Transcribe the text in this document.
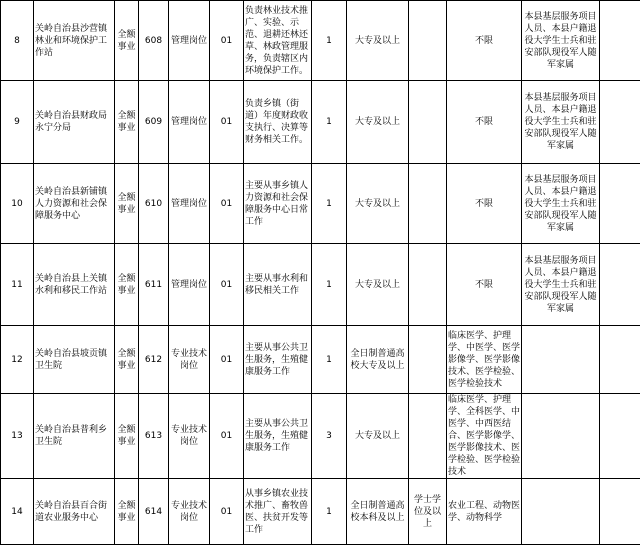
8	关岭自治县沙营镇林业和环境保护工作站	全额事业	608	管理岗位	01	负责林业技术推广、实验、示范、退耕还林还草、林政管理服务，负责辖区内环境保护工作。	1	大专及以上		不限	本县基层服务项目人员、本县户籍退役大学生士兵和驻安部队现役军人随军家属	
9	关岭自治县财政局永宁分局	全额事业	609	管理岗位	01	负责乡镇（街道）年度财政收支执行、决算等财务相关工作。	1	大专及以上		不限	本县基层服务项目人员、本县户籍退役大学生士兵和驻安部队现役军人随军家属	
10	关岭自治县新铺镇人力资源和社会保障服务中心	全额事业	610	管理岗位	01	主要从事乡镇人力资源和社会保障服务中心日常工作	1	大专及以上		不限	本县基层服务项目人员、本县户籍退役大学生士兵和驻安部队现役军人随军家属	
11	关岭自治县上关镇水利和移民工作站	全额事业	611	管理岗位	01	主要从事水利和移民相关工作	1	大专及以上		不限	本县基层服务项目人员、本县户籍退役大学生士兵和驻安部队现役军人随军家属	
12	关岭自治县坡贡镇卫生院	全额事业	612	专业技术岗位	01	主要从事公共卫生服务，生殖健康服务工作	1	全日制普通高校大专及以上		临床医学、护理学、中医学、医学影像学、医学影像技术、医学检验、医学检验技术		
13	关岭自治县普利乡卫生院	全额事业	613	专业技术岗位	01	主要从事公共卫生服务，生殖健康服务工作	3	大专及以上		临床医学、护理学、全科医学、中医学、中西医结合、医学影像学、医学影像技术、医学检验、医学检验技术		
14	关岭自治县百合街道农业服务中心	全额事业	614	专业技术岗位	01	从事乡镇农业技术推广、畜牧兽医、扶贫开发等工作	1	全日制普通高校本科及以上	学士学位及以上	农业工程、动物医学、动物科学		
